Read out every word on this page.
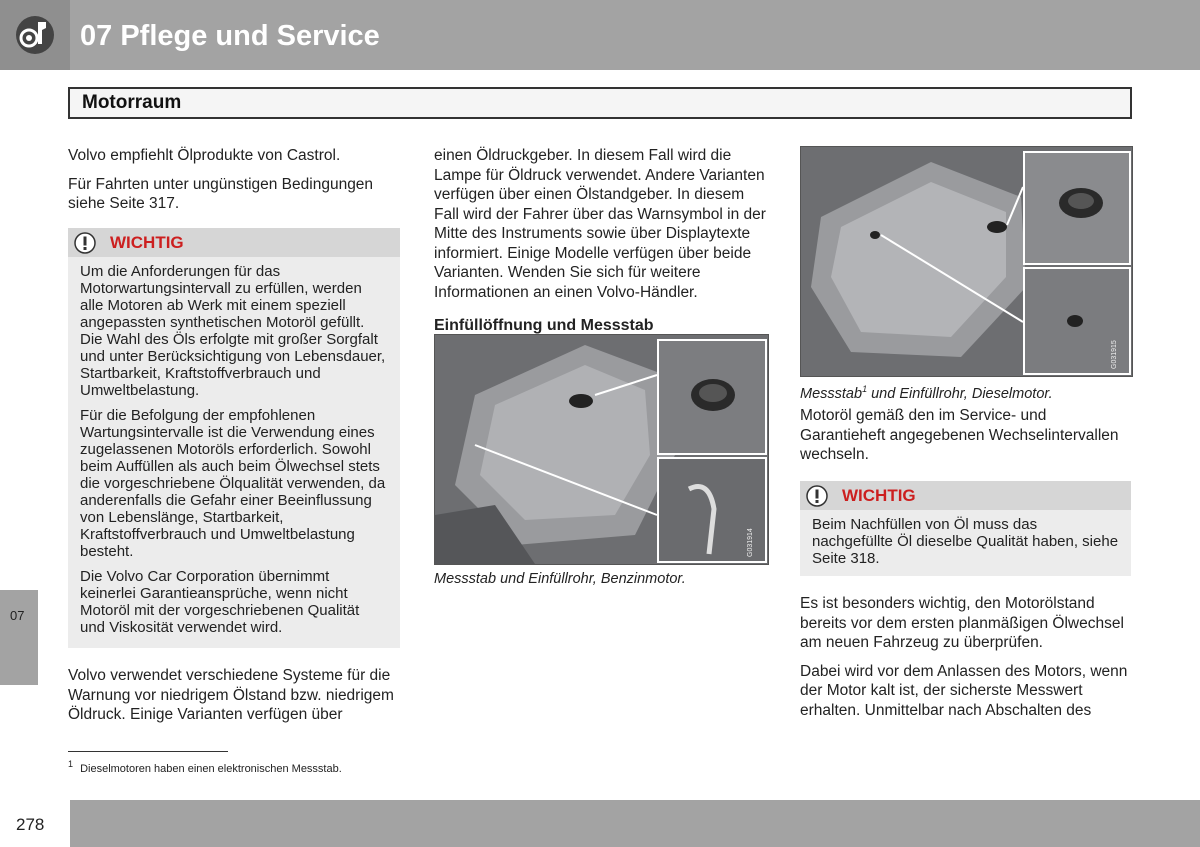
07 Pflege und Service
Motorraum

Volvo empfiehlt Ölprodukte von Castrol.

Für Fahrten unter ungünstigen Bedingungen siehe Seite 317.

WICHTIG

Um die Anforderungen für das Motorwartungsintervall zu erfüllen, werden alle Motoren ab Werk mit einem speziell angepassten synthetischen Motoröl gefüllt. Die Wahl des Öls erfolgte mit großer Sorgfalt und unter Berücksichtigung von Lebensdauer, Startbarkeit, Kraftstoffverbrauch und Umweltbelastung.

Für die Befolgung der empfohlenen Wartungsintervalle ist die Verwendung eines zugelassenen Motoröls erforderlich. Sowohl beim Auffüllen als auch beim Ölwechsel stets die vorgeschriebene Ölqualität verwenden, da anderenfalls die Gefahr einer Beeinflussung von Lebenslänge, Startbarkeit, Kraftstoffverbrauch und Umweltbelastung besteht.

Die Volvo Car Corporation übernimmt keinerlei Garantieansprüche, wenn nicht Motoröl mit der vorgeschriebenen Qualität und Viskosität verwendet wird.

Volvo verwendet verschiedene Systeme für die Warnung vor niedrigem Ölstand bzw. niedrigem Öldruck. Einige Varianten verfügen über

einen Öldruckgeber. In diesem Fall wird die Lampe für Öldruck verwendet. Andere Varianten verfügen über einen Ölstandgeber. In diesem Fall wird der Fahrer über das Warnsymbol in der Mitte des Instruments sowie über Displaytexte informiert. Einige Modelle verfügen über beide Varianten. Wenden Sie sich für weitere Informationen an einen Volvo-Händler.

Einfüllöffnung und Messstab

G031914
Messstab und Einfüllrohr, Benzinmotor.
G031915
Messstab$^1$ und Einfüllrohr, Dieselmotor.

Motoröl gemäß den im Service- und Garantieheft angegebenen Wechselintervallen wechseln.

WICHTIG

Beim Nachfüllen von Öl muss das nachgefüllte Öl dieselbe Qualität haben, siehe Seite 318.

Es ist besonders wichtig, den Motorölstand bereits vor dem ersten planmäßigen Ölwechsel am neuen Fahrzeug zu überprüfen.

Dabei wird vor dem Anlassen des Motors, wenn der Motor kalt ist, der sicherste Messwert erhalten. Unmittelbar nach Abschalten des

07
$^1$ Dieselmotoren haben einen elektronischen Messstab.
278
